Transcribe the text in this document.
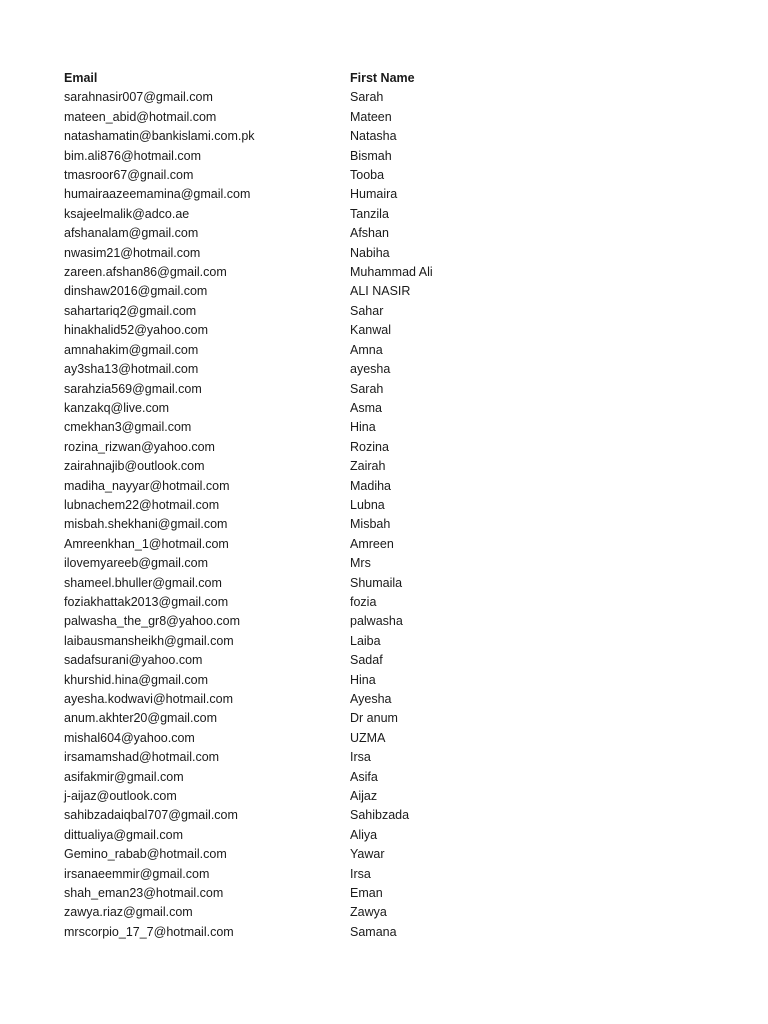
Email	First Name
sarahnasir007@gmail.com	Sarah
mateen_abid@hotmail.com	Mateen
natashamatin@bankislami.com.pk	Natasha
bim.ali876@hotmail.com	Bismah
tmasroor67@gnail.com	Tooba
humairaazeemamina@gmail.com	Humaira
ksajeelmalik@adco.ae	Tanzila
afshanalam@gmail.com	Afshan
nwasim21@hotmail.com	Nabiha
zareen.afshan86@gmail.com	Muhammad Ali
dinshaw2016@gmail.com	ALI NASIR
sahartariq2@gmail.com	Sahar
hinakhalid52@yahoo.com	Kanwal
amnahakim@gmail.com	Amna
ay3sha13@hotmail.com	ayesha
sarahzia569@gmail.com	Sarah
kanzakq@live.com	Asma
cmekhan3@gmail.com	Hina
rozina_rizwan@yahoo.com	Rozina
zairahnajib@outlook.com	Zairah
madiha_nayyar@hotmail.com	Madiha
lubnachem22@hotmail.com	Lubna
misbah.shekhani@gmail.com	Misbah
Amreenkhan_1@hotmail.com	Amreen
ilovemyareeb@gmail.com	Mrs
shameel.bhuller@gmail.com	Shumaila
foziakhattak2013@gmail.com	fozia
palwasha_the_gr8@yahoo.com	palwasha
laibausmansheikh@gmail.com	Laiba
sadafsurani@yahoo.com	Sadaf
khurshid.hina@gmail.com	Hina
ayesha.kodwavi@hotmail.com	Ayesha
anum.akhter20@gmail.com	Dr anum
mishal604@yahoo.com	UZMA
irsamamshad@hotmail.com	Irsa
asifakmir@gmail.com	Asifa
j-aijaz@outlook.com	Aijaz
sahibzadaiqbal707@gmail.com	Sahibzada
dittualiya@gmail.com	Aliya
Gemino_rabab@hotmail.com	Yawar
irsanaeemmir@gmail.com	Irsa
shah_eman23@hotmail.com	Eman
zawya.riaz@gmail.com	Zawya
mrscorpio_17_7@hotmail.com	Samana
